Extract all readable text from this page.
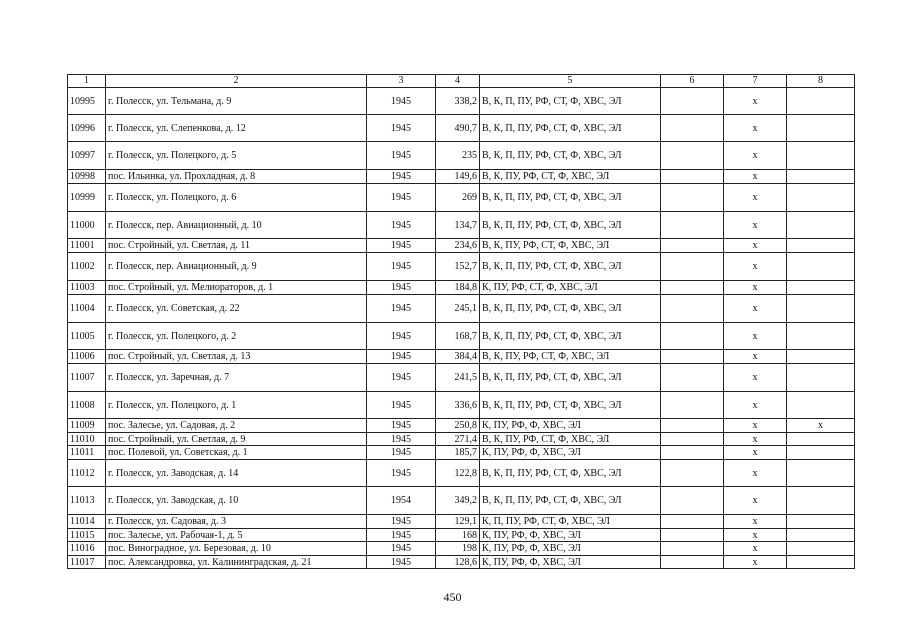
1	2	3	4	5	6	7	8
10995	г. Полесск, ул. Тельмана, д. 9	1945	338,2	В, К, П, ПУ, РФ, СТ, Ф, ХВС, ЭЛ		х	
10996	г. Полесск, ул. Слепенкова, д. 12	1945	490,7	В, К, П, ПУ, РФ, СТ, Ф, ХВС, ЭЛ		х	
10997	г. Полесск, ул. Полецкого, д. 5	1945	235	В, К, П, ПУ, РФ, СТ, Ф, ХВС, ЭЛ		х	
10998	пос. Ильинка, ул. Прохладная, д. 8	1945	149,6	В, К, ПУ, РФ, СТ, Ф, ХВС, ЭЛ		х	
10999	г. Полесск, ул. Полецкого, д. 6	1945	269	В, К, П, ПУ, РФ, СТ, Ф, ХВС, ЭЛ		х	
11000	г. Полесск, пер. Авиационный, д. 10	1945	134,7	В, К, П, ПУ, РФ, СТ, Ф, ХВС, ЭЛ		х	
11001	пос. Стройный, ул. Светлая, д. 11	1945	234,6	В, К, ПУ, РФ, СТ, Ф, ХВС, ЭЛ		х	
11002	г. Полесск, пер. Авиационный, д. 9	1945	152,7	В, К, П, ПУ, РФ, СТ, Ф, ХВС, ЭЛ		х	
11003	пос. Стройный, ул. Мелиораторов, д. 1	1945	184,8	К, ПУ, РФ, СТ, Ф, ХВС, ЭЛ		х	
11004	г. Полесск, ул. Советская, д. 22	1945	245,1	В, К, П, ПУ, РФ, СТ, Ф, ХВС, ЭЛ		х	
11005	г. Полесск, ул. Полецкого, д. 2	1945	168,7	В, К, П, ПУ, РФ, СТ, Ф, ХВС, ЭЛ		х	
11006	пос. Стройный, ул. Светлая, д. 13	1945	384,4	В, К, ПУ, РФ, СТ, Ф, ХВС, ЭЛ		х	
11007	г. Полесск, ул. Заречная, д. 7	1945	241,5	В, К, П, ПУ, РФ, СТ, Ф, ХВС, ЭЛ		х	
11008	г. Полесск, ул. Полецкого, д. 1	1945	336,6	В, К, П, ПУ, РФ, СТ, Ф, ХВС, ЭЛ		х	
11009	пос. Залесье, ул. Садовая, д. 2	1945	250,8	К, ПУ, РФ, Ф, ХВС, ЭЛ		х	х
11010	пос. Стройный, ул. Светлая, д. 9	1945	271,4	В, К, ПУ, РФ, СТ, Ф, ХВС, ЭЛ		х	
11011	пос. Полевой, ул. Советская, д. 1	1945	185,7	К, ПУ, РФ, Ф, ХВС, ЭЛ		х	
11012	г. Полесск, ул. Заводская, д. 14	1945	122,8	В, К, П, ПУ, РФ, СТ, Ф, ХВС, ЭЛ		х	
11013	г. Полесск, ул. Заводская, д. 10	1954	349,2	В, К, П, ПУ, РФ, СТ, Ф, ХВС, ЭЛ		х	
11014	г. Полесск, ул. Садовая, д. 3	1945	129,1	К, П, ПУ, РФ, СТ, Ф, ХВС, ЭЛ		х	
11015	пос. Залесье, ул. Рабочая-1, д. 5	1945	168	К, ПУ, РФ, Ф, ХВС, ЭЛ		х	
11016	пос. Виноградное, ул. Березовая, д. 10	1945	198	К, ПУ, РФ, Ф, ХВС, ЭЛ		х	
11017	пос. Александровка, ул. Калининградская, д. 21	1945	128,6	К, ПУ, РФ, Ф, ХВС, ЭЛ		х	
450
